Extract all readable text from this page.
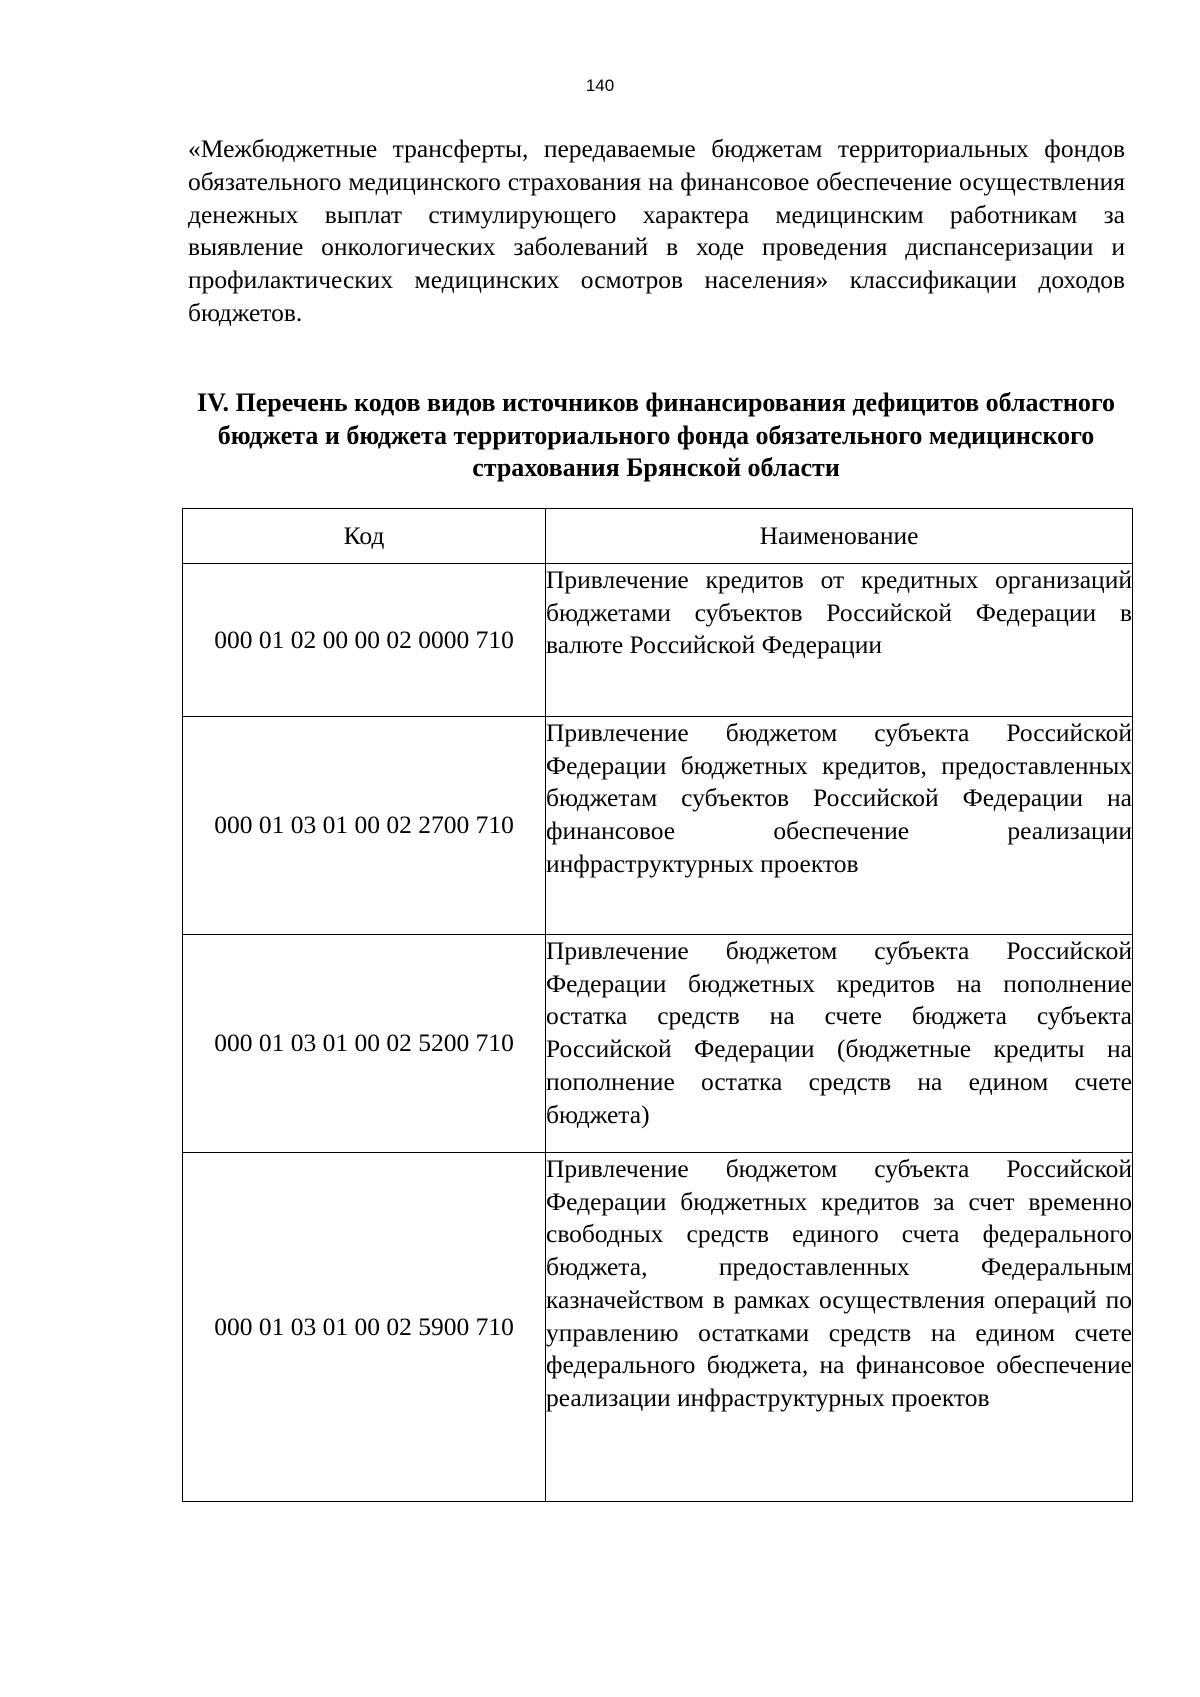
140

«Межбюджетные трансферты, передаваемые бюджетам территориальных фондов обязательного медицинского страхования на финансовое обеспечение осуществления денежных выплат стимулирующего характера медицинским работникам за выявление онкологических заболеваний в ходе проведения диспансеризации и профилактических медицинских осмотров населения» классификации доходов бюджетов.

IV. Перечень кодов видов источников финансирования дефицитов областного бюджета и бюджета территориального фонда обязательного медицинского страхования Брянской области
Код	Наименование
000 01 02 00 00 02 0000 710	Привлечение кредитов от кредитных организаций бюджетами субъектов Российской Федерации в валюте Российской Федерации
000 01 03 01 00 02 2700 710	Привлечение бюджетом субъекта Российской Федерации бюджетных кредитов, предоставленных бюджетам субъектов Российской Федерации на финансовое обеспечение реализации инфраструктурных проектов
000 01 03 01 00 02 5200 710	Привлечение бюджетом субъекта Российской Федерации бюджетных кредитов на пополнение остатка средств на счете бюджета субъекта Российской Федерации (бюджетные кредиты на пополнение остатка средств на едином счете бюджета)
000 01 03 01 00 02 5900 710	Привлечение бюджетом субъекта Российской Федерации бюджетных кредитов за счет временно свободных средств единого счета федерального бюджета, предоставленных Федеральным казначейством в рамках осуществления операций по управлению остатками средств на едином счете федерального бюджета, на финансовое обеспечение реализации инфраструктурных проектов
